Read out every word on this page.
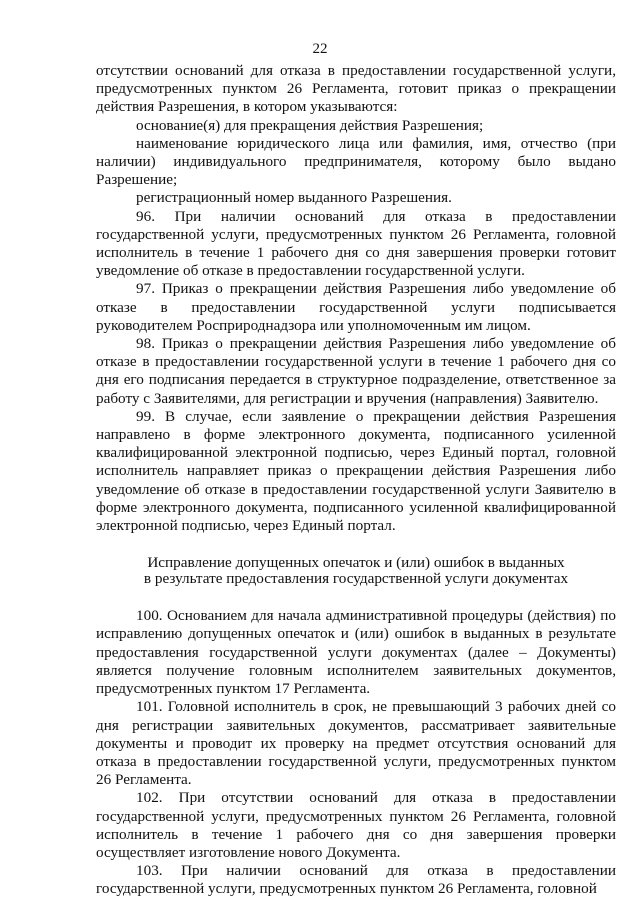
22

отсутствии оснований для отказа в предоставлении государственной услуги, предусмотренных пунктом 26 Регламента, готовит приказ о прекращении действия Разрешения, в котором указываются:

основание(я) для прекращения действия Разрешения;

наименование юридического лица или фамилия, имя, отчество (при наличии) индивидуального предпринимателя, которому было выдано Разрешение;

регистрационный номер выданного Разрешения.

96. При наличии оснований для отказа в предоставлении государственной услуги, предусмотренных пунктом 26 Регламента, головной исполнитель в течение 1 рабочего дня со дня завершения проверки готовит уведомление об отказе в предоставлении государственной услуги.

97. Приказ о прекращении действия Разрешения либо уведомление об отказе в предоставлении государственной услуги подписывается руководителем Росприроднадзора или уполномоченным им лицом.

98. Приказ о прекращении действия Разрешения либо уведомление об отказе в предоставлении государственной услуги в течение 1 рабочего дня со дня его подписания передается в структурное подразделение, ответственное за работу с Заявителями, для регистрации и вручения (направления) Заявителю.

99. В случае, если заявление о прекращении действия Разрешения направлено в форме электронного документа, подписанного усиленной квалифицированной электронной подписью, через Единый портал, головной исполнитель направляет приказ о прекращении действия Разрешения либо уведомление об отказе в предоставлении государственной услуги Заявителю в форме электронного документа, подписанного усиленной квалифицированной электронной подписью, через Единый портал.

Исправление допущенных опечаток и (или) ошибок в выданных
в результате предоставления государственной услуги документах

100. Основанием для начала административной процедуры (действия) по исправлению допущенных опечаток и (или) ошибок в выданных в результате предоставления государственной услуги документах (далее – Документы) является получение головным исполнителем заявительных документов, предусмотренных пунктом 17 Регламента.

101. Головной исполнитель в срок, не превышающий 3 рабочих дней со дня регистрации заявительных документов, рассматривает заявительные документы и проводит их проверку на предмет отсутствия оснований для отказа в предоставлении государственной услуги, предусмотренных пунктом 26 Регламента.

102. При отсутствии оснований для отказа в предоставлении государственной услуги, предусмотренных пунктом 26 Регламента, головной исполнитель в течение 1 рабочего дня со дня завершения проверки осуществляет изготовление нового Документа.

103. При наличии оснований для отказа в предоставлении государственной услуги, предусмотренных пунктом 26 Регламента, головной
